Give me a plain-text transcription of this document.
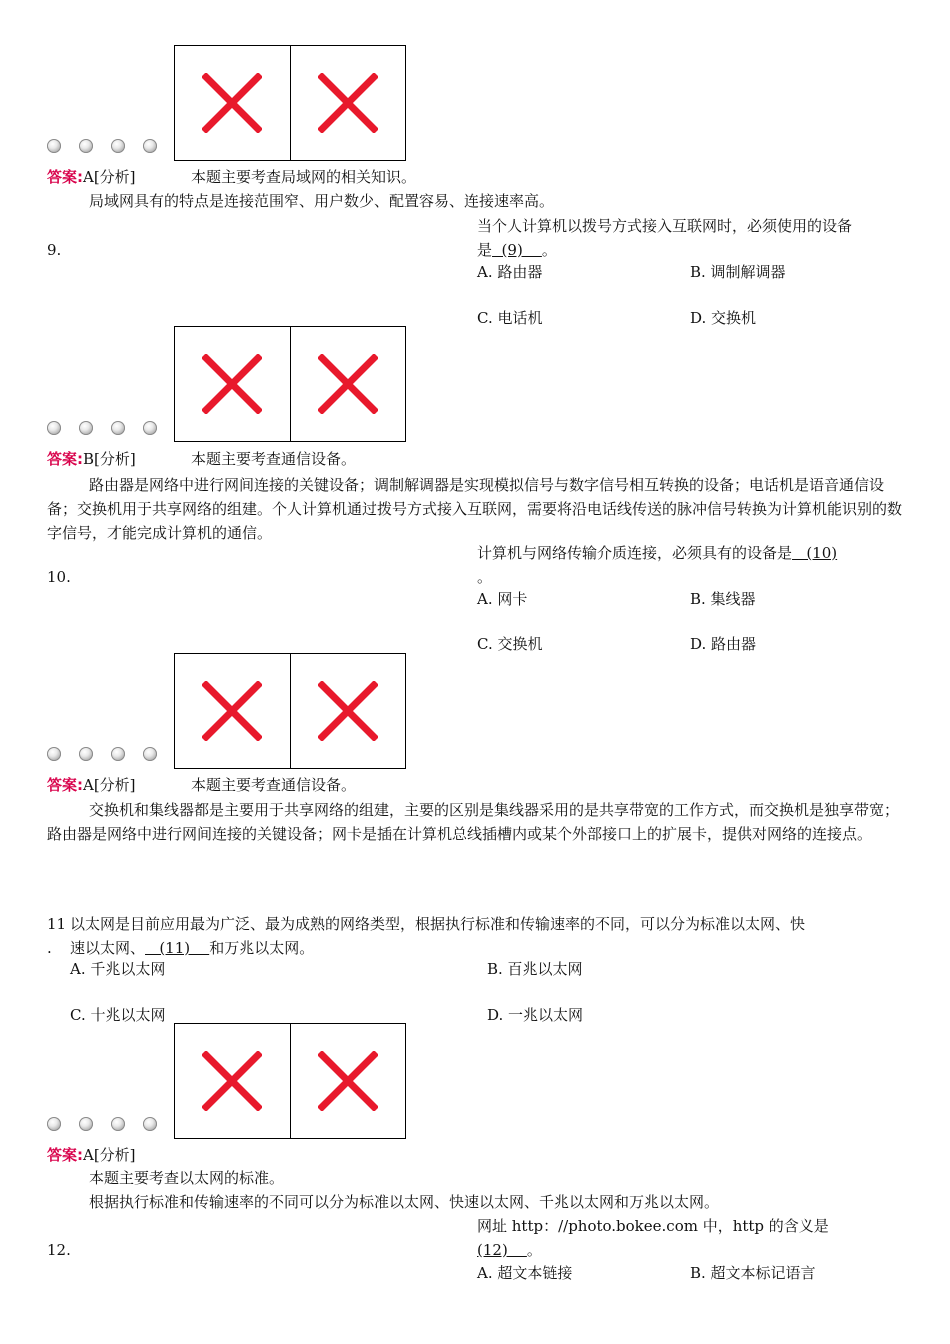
答案:A[分析]	本题主要考查局域网的相关知识。
局域网具有的特点是连接范围窄、用户数少、配置容易、连接速率高。
9.
当个人计算机以拨号方式接入互联网时，必须使用的设备
是  (9)    。
A. 路由器	B. 调制解调器
C. 电话机	D. 交换机
答案:B[分析]	本题主要考查通信设备。
路由器是网络中进行网间连接的关键设备；调制解调器是实现模拟信号与数字信号相互转换的设备；电话机是语音通信设备；交换机用于共享网络的组建。个人计算机通过拨号方式接入互联网，需要将沿电话线传送的脉冲信号转换为计算机能识别的数字信号，才能完成计算机的通信。
10.
计算机与网络传输介质连接，必须具有的设备是   (10)
。
A. 网卡	B. 集线器
C. 交换机	D. 路由器
答案:A[分析]	本题主要考查通信设备。
交换机和集线器都是主要用于共享网络的组建，主要的区别是集线器采用的是共享带宽的工作方式，而交换机是独享带宽；路由器是网络中进行网间连接的关键设备；网卡是插在计算机总线插槽内或某个外部接口上的扩展卡，提供对网络的连接点。
11
.
以太网是目前应用最为广泛、最为成熟的网络类型，根据执行标准和传输速率的不同，可以分为标准以太网、快
速以太网、   (11)    和万兆以太网。
A. 千兆以太网	B. 百兆以太网
C. 十兆以太网	D. 一兆以太网
答案:A[分析]
本题主要考查以太网的标准。
根据执行标准和传输速率的不同可以分为标准以太网、快速以太网、千兆以太网和万兆以太网。
12.
网址 http：//photo.bokee.com 中，http 的含义是
(12)    。
A. 超文本链接	B. 超文本标记语言
